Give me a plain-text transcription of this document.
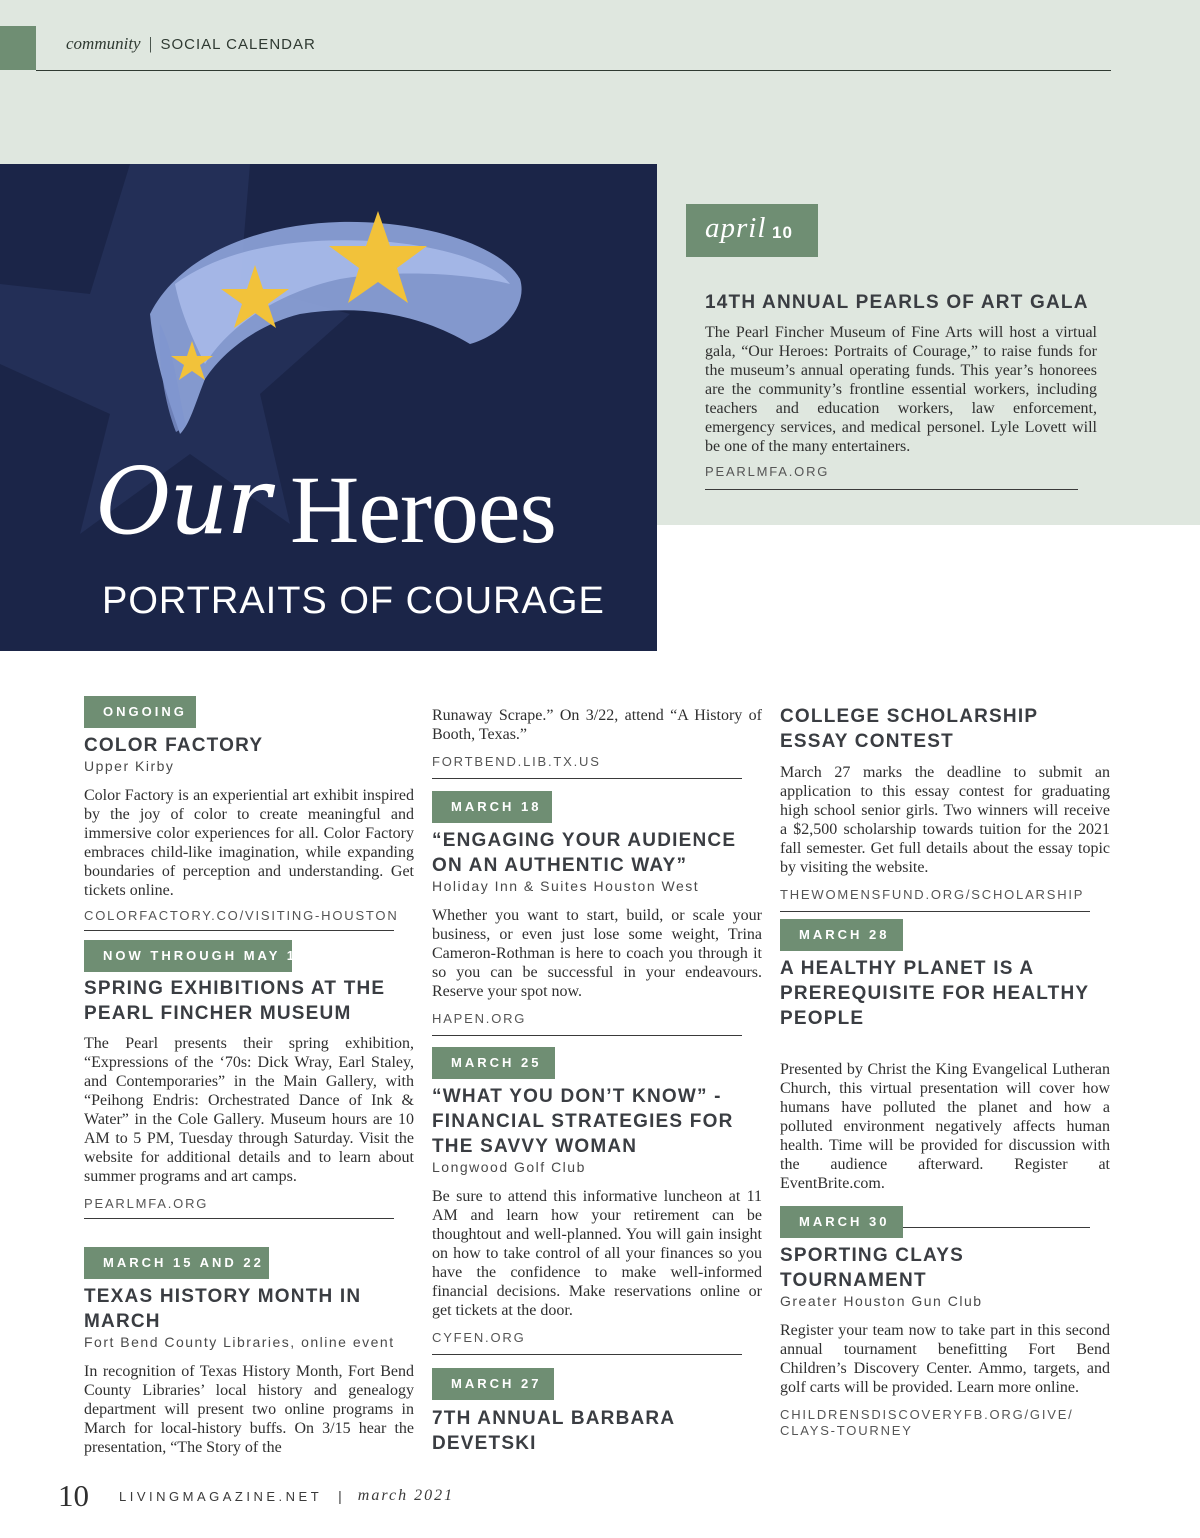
community | SOCIAL CALENDAR
Our Heroes
PORTRAITS OF COURAGE
april 10
14TH ANNUAL PEARLS OF ART GALA
The Pearl Fincher Museum of Fine Arts will host a virtual gala, “Our Heroes: Portraits of Courage,” to raise funds for the museum’s annual operating funds. This year’s honorees are the community’s frontline essential workers, including teachers and education workers, law enforcement, emergency services, and medical personel. Lyle Lovett will be one of the many entertainers.
PEARLMFA.ORG
ONGOING
COLOR FACTORY
Upper Kirby
Color Factory is an experiential art exhibit inspired by the joy of color to create meaningful and immersive color experiences for all. Color Factory embraces child-like imagination, while expanding boundaries of perception and understanding. Get tickets online.
COLORFACTORY.CO/VISITING-HOUSTON
NOW THROUGH MAY 1
SPRING EXHIBITIONS AT THE PEARL FINCHER MUSEUM
The Pearl presents their spring exhibition, “Expressions of the ‘70s: Dick Wray, Earl Staley, and Contemporaries” in the Main Gallery, with “Peihong Endris: Orchestrated Dance of Ink & Water” in the Cole Gallery. Museum hours are 10 AM to 5 PM, Tuesday through Saturday. Visit the website for additional details and to learn about summer programs and art camps.
PEARLMFA.ORG
MARCH 15 AND 22
TEXAS HISTORY MONTH IN MARCH
Fort Bend County Libraries, online event
In recognition of Texas History Month, Fort Bend County Libraries’ local history and genealogy department will present two online programs in March for local-history buffs. On 3/15 hear the presentation, “The Story of the
Runaway Scrape.” On 3/22, attend “A History of Booth, Texas.”
FORTBEND.LIB.TX.US
MARCH 18
“ENGAGING YOUR AUDIENCE ON AN AUTHENTIC WAY”
Holiday Inn & Suites Houston West
Whether you want to start, build, or scale your business, or even just lose some weight, Trina Cameron-Rothman is here to coach you through it so you can be successful in your endeavours. Reserve your spot now.
HAPEN.ORG
MARCH 25
“WHAT YOU DON’T KNOW” - FINANCIAL STRATEGIES FOR THE SAVVY WOMAN
Longwood Golf Club
Be sure to attend this informative luncheon at 11 AM and learn how your retirement can be thoughtout and well-planned. You will gain insight on how to take control of all your finances so you have the confidence to make well-informed financial decisions. Make reservations online or get tickets at the door.
CYFEN.ORG
MARCH 27
7TH ANNUAL BARBARA DEVETSKI
COLLEGE SCHOLARSHIP ESSAY CONTEST
March 27 marks the deadline to submit an application to this essay contest for graduating high school senior girls. Two winners will receive a $2,500 scholarship towards tuition for the 2021 fall semester. Get full details about the essay topic by visiting the website.
THEWOMENSFUND.ORG/SCHOLARSHIP
MARCH 28
A HEALTHY PLANET IS A PREREQUISITE FOR HEALTHY PEOPLE
Presented by Christ the King Evangelical Lutheran Church, this virtual presentation will cover how humans have polluted the planet and how a polluted environment negatively affects human health. Time will be provided for discussion with the audience afterward. Register at EventBrite.com.
MARCH 30
SPORTING CLAYS TOURNAMENT
Greater Houston Gun Club
Register your team now to take part in this second annual tournament benefitting Fort Bend Children’s Discovery Center. Ammo, targets, and golf carts will be provided. Learn more online.
CHILDRENSDISCOVERYFB.ORG/GIVE/ CLAYS-TOURNEY
10 LIVINGMAGAZINE.NET | march 2021
